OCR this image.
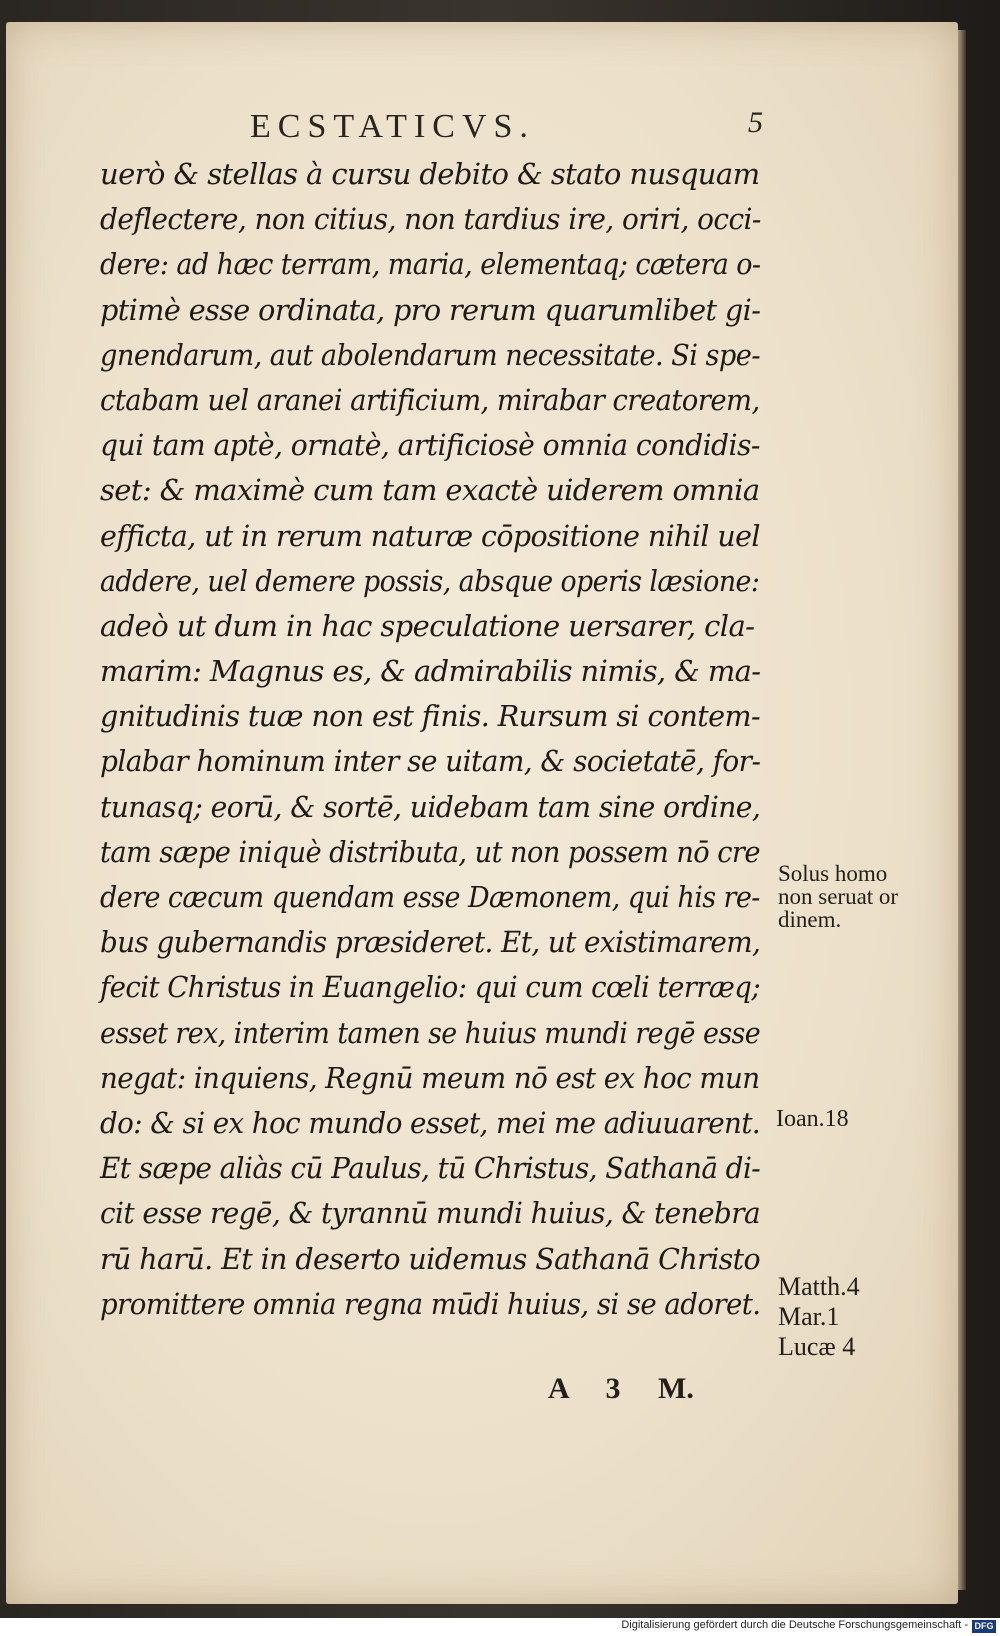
ECSTATICVS.	5
uerò & stellas à cursu debito & stato nusquam
deflectere, non citius, non tardius ire, oriri, occi-
dere: ad hæc terram, maria, elementaq; cætera o-
ptimè esse ordinata, pro rerum quarumlibet gi-
gnendarum, aut abolendarum necessitate. Si spe-
ctabam uel aranei artificium, mirabar creatorem,
qui tam aptè, ornatè, artificiosè omnia condidis-
set: & maximè cum tam exactè uiderem omnia
efficta, ut in rerum naturæ cōpositione nihil uel
addere, uel demere possis, absque operis læsione:
adeò ut dum in hac speculatione uersarer, cla-
marim: Magnus es, & admirabilis nimis, & ma-
gnitudinis tuæ non est finis. Rursum si contem-
plabar hominum inter se uitam, & societatē, for-
tunasq; eorū, & sortē, uidebam tam sine ordine,
tam sæpe iniquè distributa, ut non possem nō cre
dere cæcum quendam esse Dæmonem, qui his re-
bus gubernandis præsideret. Et, ut existimarem,
fecit Christus in Euangelio: qui cum cœli terræq;
esset rex, interim tamen se huius mundi regē esse
negat: inquiens, Regnū meum nō est ex hoc mun
do: & si ex hoc mundo esset, mei me adiuuarent.
Et sæpe aliàs cū Paulus, tū Christus, Sathanā di-
cit esse regē, & tyrannū mundi huius, & tenebra
rū harū. Et in deserto uidemus Sathanā Christo
promittere omnia regna mūdi huius, si se adoret.
Solus homo
non seruat or
dinem.
Ioan.18
Matth.4
Mar.1
Lucæ 4
A 3 M.
Digitalisierung gefördert durch die Deutsche Forschungsgemeinschaft - DFG
